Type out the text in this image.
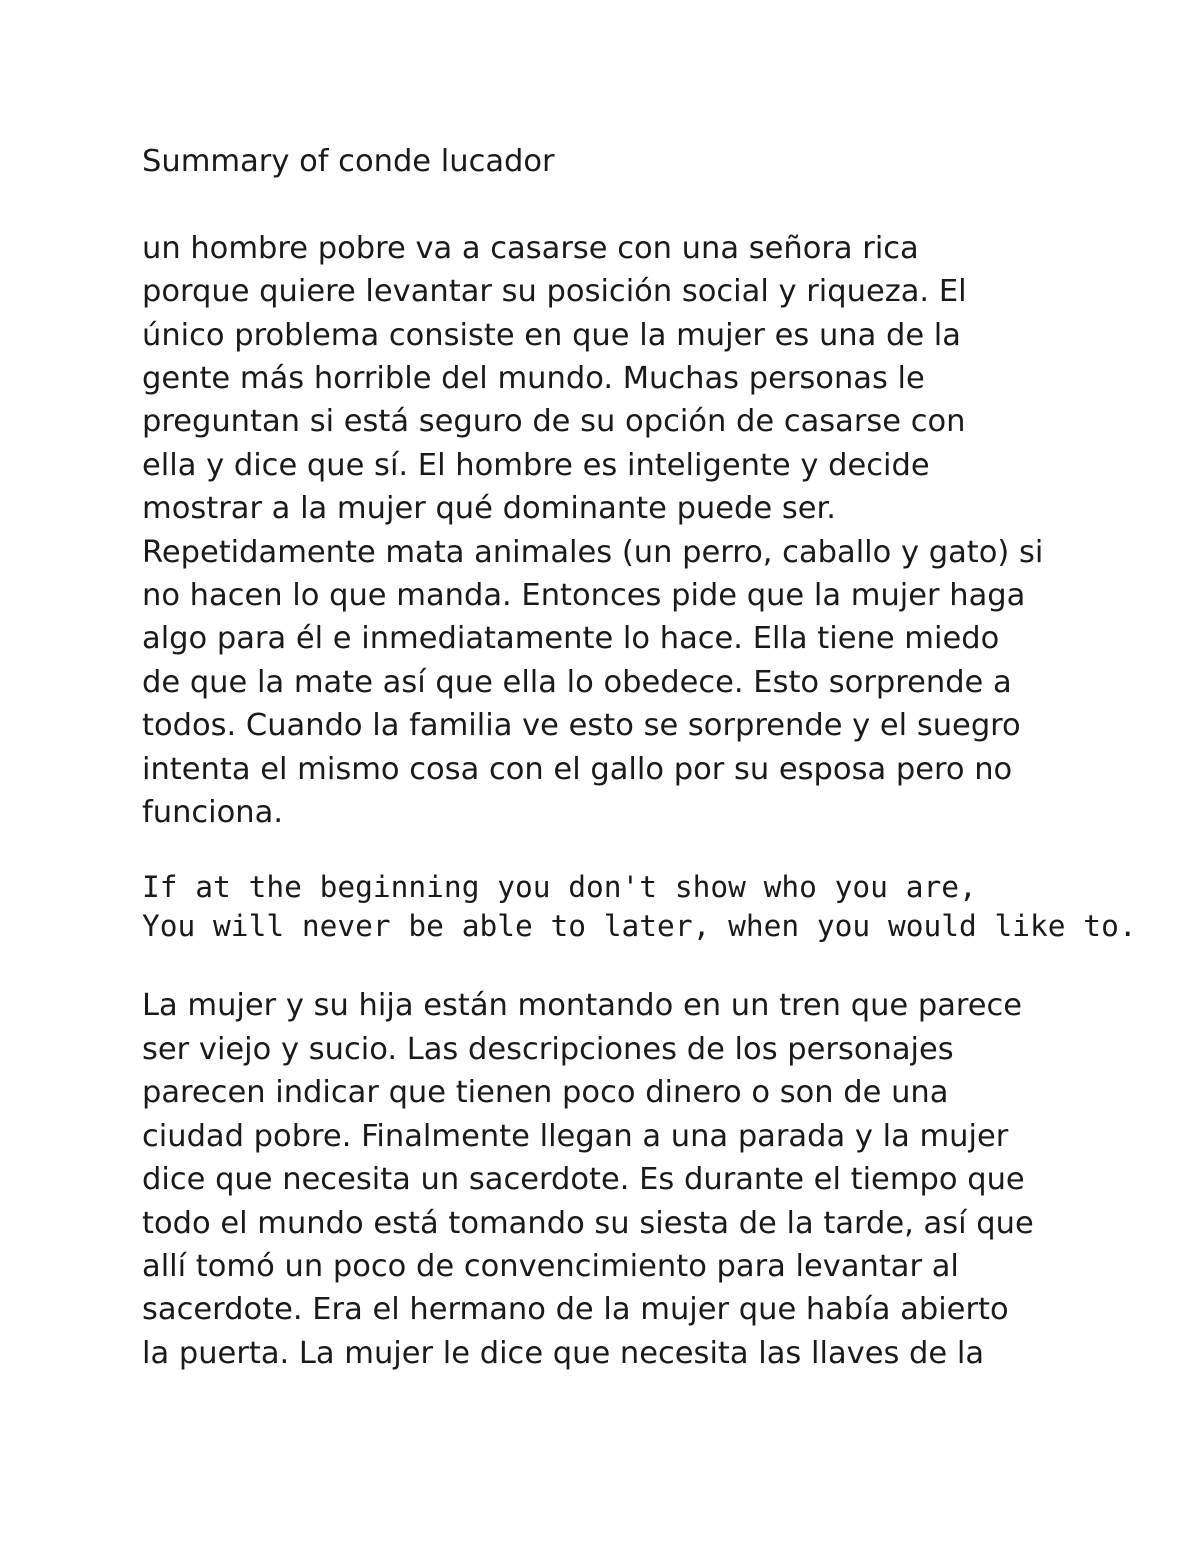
Summary of conde lucador

un hombre pobre va a casarse con una señora rica
porque quiere levantar su posición social y riqueza. El
único problema consiste en que la mujer es una de la
gente más horrible del mundo. Muchas personas le
preguntan si está seguro de su opción de casarse con
ella y dice que sí. El hombre es inteligente y decide
mostrar a la mujer qué dominante puede ser.
Repetidamente mata animales (un perro, caballo y gato) si
no hacen lo que manda. Entonces pide que la mujer haga
algo para él e inmediatamente lo hace. Ella tiene miedo
de que la mate así que ella lo obedece. Esto sorprende a
todos. Cuando la familia ve esto se sorprende y el suegro
intenta el mismo cosa con el gallo por su esposa pero no
funciona.

If at the beginning you don't show who you are,
You will never be able to later, when you would like to.

La mujer y su hija están montando en un tren que parece
ser viejo y sucio. Las descripciones de los personajes
parecen indicar que tienen poco dinero o son de una
ciudad pobre. Finalmente llegan a una parada y la mujer
dice que necesita un sacerdote. Es durante el tiempo que
todo el mundo está tomando su siesta de la tarde, así que
allí tomó un poco de convencimiento para levantar al
sacerdote. Era el hermano de la mujer que había abierto
la puerta. La mujer le dice que necesita las llaves de la
